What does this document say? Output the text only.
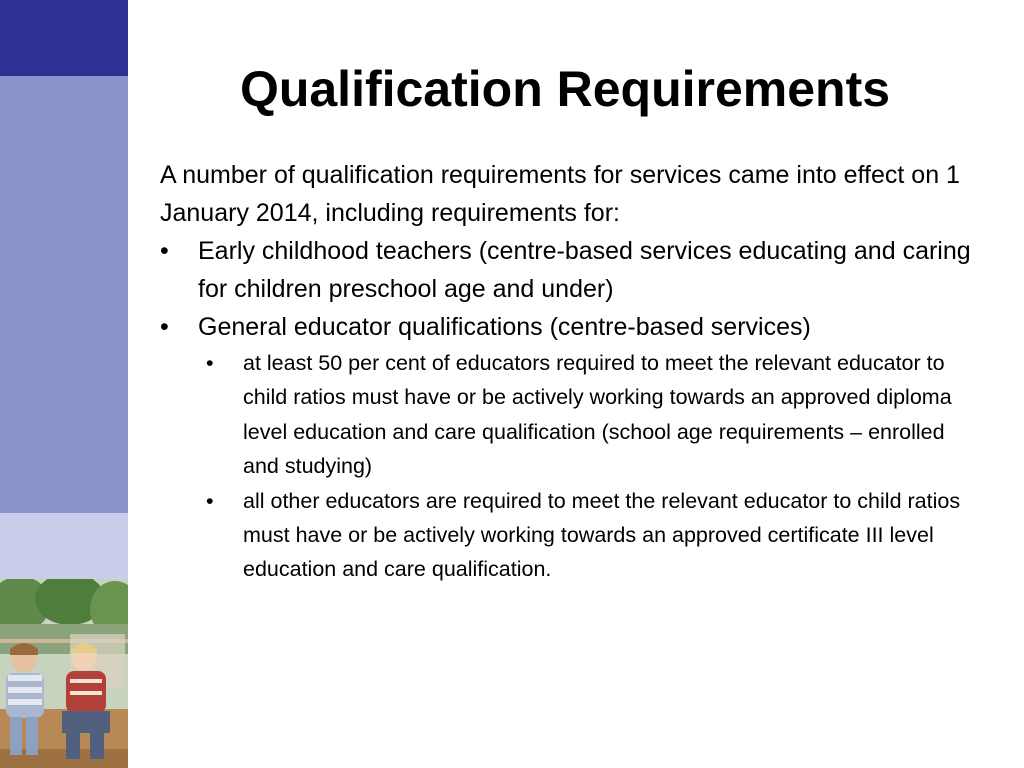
Qualification Requirements

A number of qualification requirements for services came into effect on 1 January 2014, including requirements for:

• Early childhood teachers (centre-based services educating and caring for children preschool age and under)
• General educator qualifications (centre-based services)
• at least 50 per cent of educators required to meet the relevant educator to child ratios must have or be actively working towards an approved diploma level education and care qualification (school age requirements – enrolled and studying)
• all other educators are required to meet the relevant educator to child ratios must have or be actively working towards an approved certificate III level education and care qualification.
